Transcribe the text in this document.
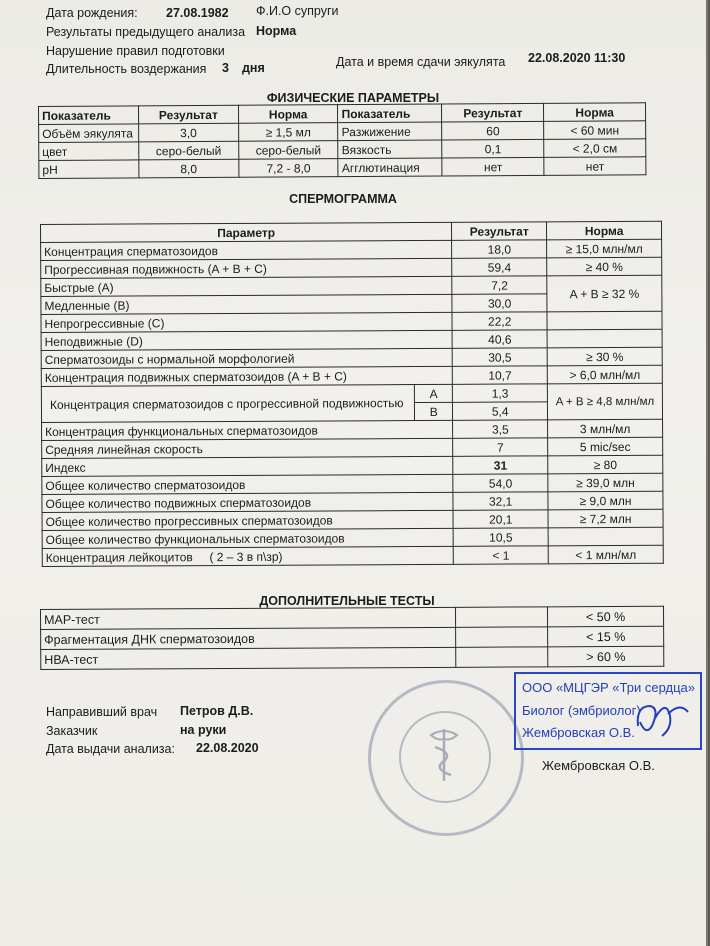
Дата рождения: 27.08.1982 Ф.И.О супруги
Результаты предыдущего анализа Норма
Нарушение правил подготовки
Длительность воздержания 3 дня	Дата и время сдачи эякулята 22.08.2020 11:30
ФИЗИЧЕСКИЕ ПАРАМЕТРЫ
Показатель	Результат	Норма	Показатель	Результат	Норма
Объём эякулята	3,0	≥ 1,5 мл	Разжижение	60	< 60 мин
цвет	серо-белый	серо-белый	Вязкость	0,1	< 2,0 см
pH	8,0	7,2 - 8,0	Агглютинация	нет	нет
СПЕРМОГРАММА
Параметр		Результат	Норма
Концентрация сперматозоидов		18,0	≥ 15,0 млн/мл
Прогрессивная подвижность (A + B + C)		59,4	≥ 40 %
Быстрые (A)		7,2	A + B ≥ 32 %
Медленные (B)		30,0	
Непрогрессивные (C)		22,2	
Неподвижные (D)		40,6	
Сперматозоиды с нормальной морфологией		30,5	≥ 30 %
Концентрация подвижных сперматозоидов (A + B + C)		10,7	> 6,0 млн/мл
Концентрация сперматозоидов с прогрессивной подвижностью	A	1,3	A + B ≥ 4,8 млн/мл
	B	5,4	
Концентрация функциональных сперматозоидов		3,5	3 млн/мл
Средняя линейная скорость		7	5 mic/sec
Индекс		31	≥ 80
Общее количество сперматозоидов		54,0	≥ 39,0 млн
Общее количество подвижных сперматозоидов		32,1	≥ 9,0 млн
Общее количество прогрессивных сперматозоидов		20,1	≥ 7,2 млн
Общее количество функциональных сперматозоидов		10,5	
Концентрация лейкоцитов ( 2 – 3 в п\зр)		< 1	< 1 млн/мл
ДОПОЛНИТЕЛЬНЫЕ ТЕСТЫ
МАР-тест		< 50 %
Фрагментация ДНК сперматозоидов		< 15 %
НВА-тест		> 60 %
Направивший врач Петров Д.В.
Заказчик	на руки
Дата выдачи анализа: 22.08.2020
ООО «МЦГЭР «Три сердца»
Биолог (эмбриолог)
Жембровская О.В.
Жембровская О.В.
